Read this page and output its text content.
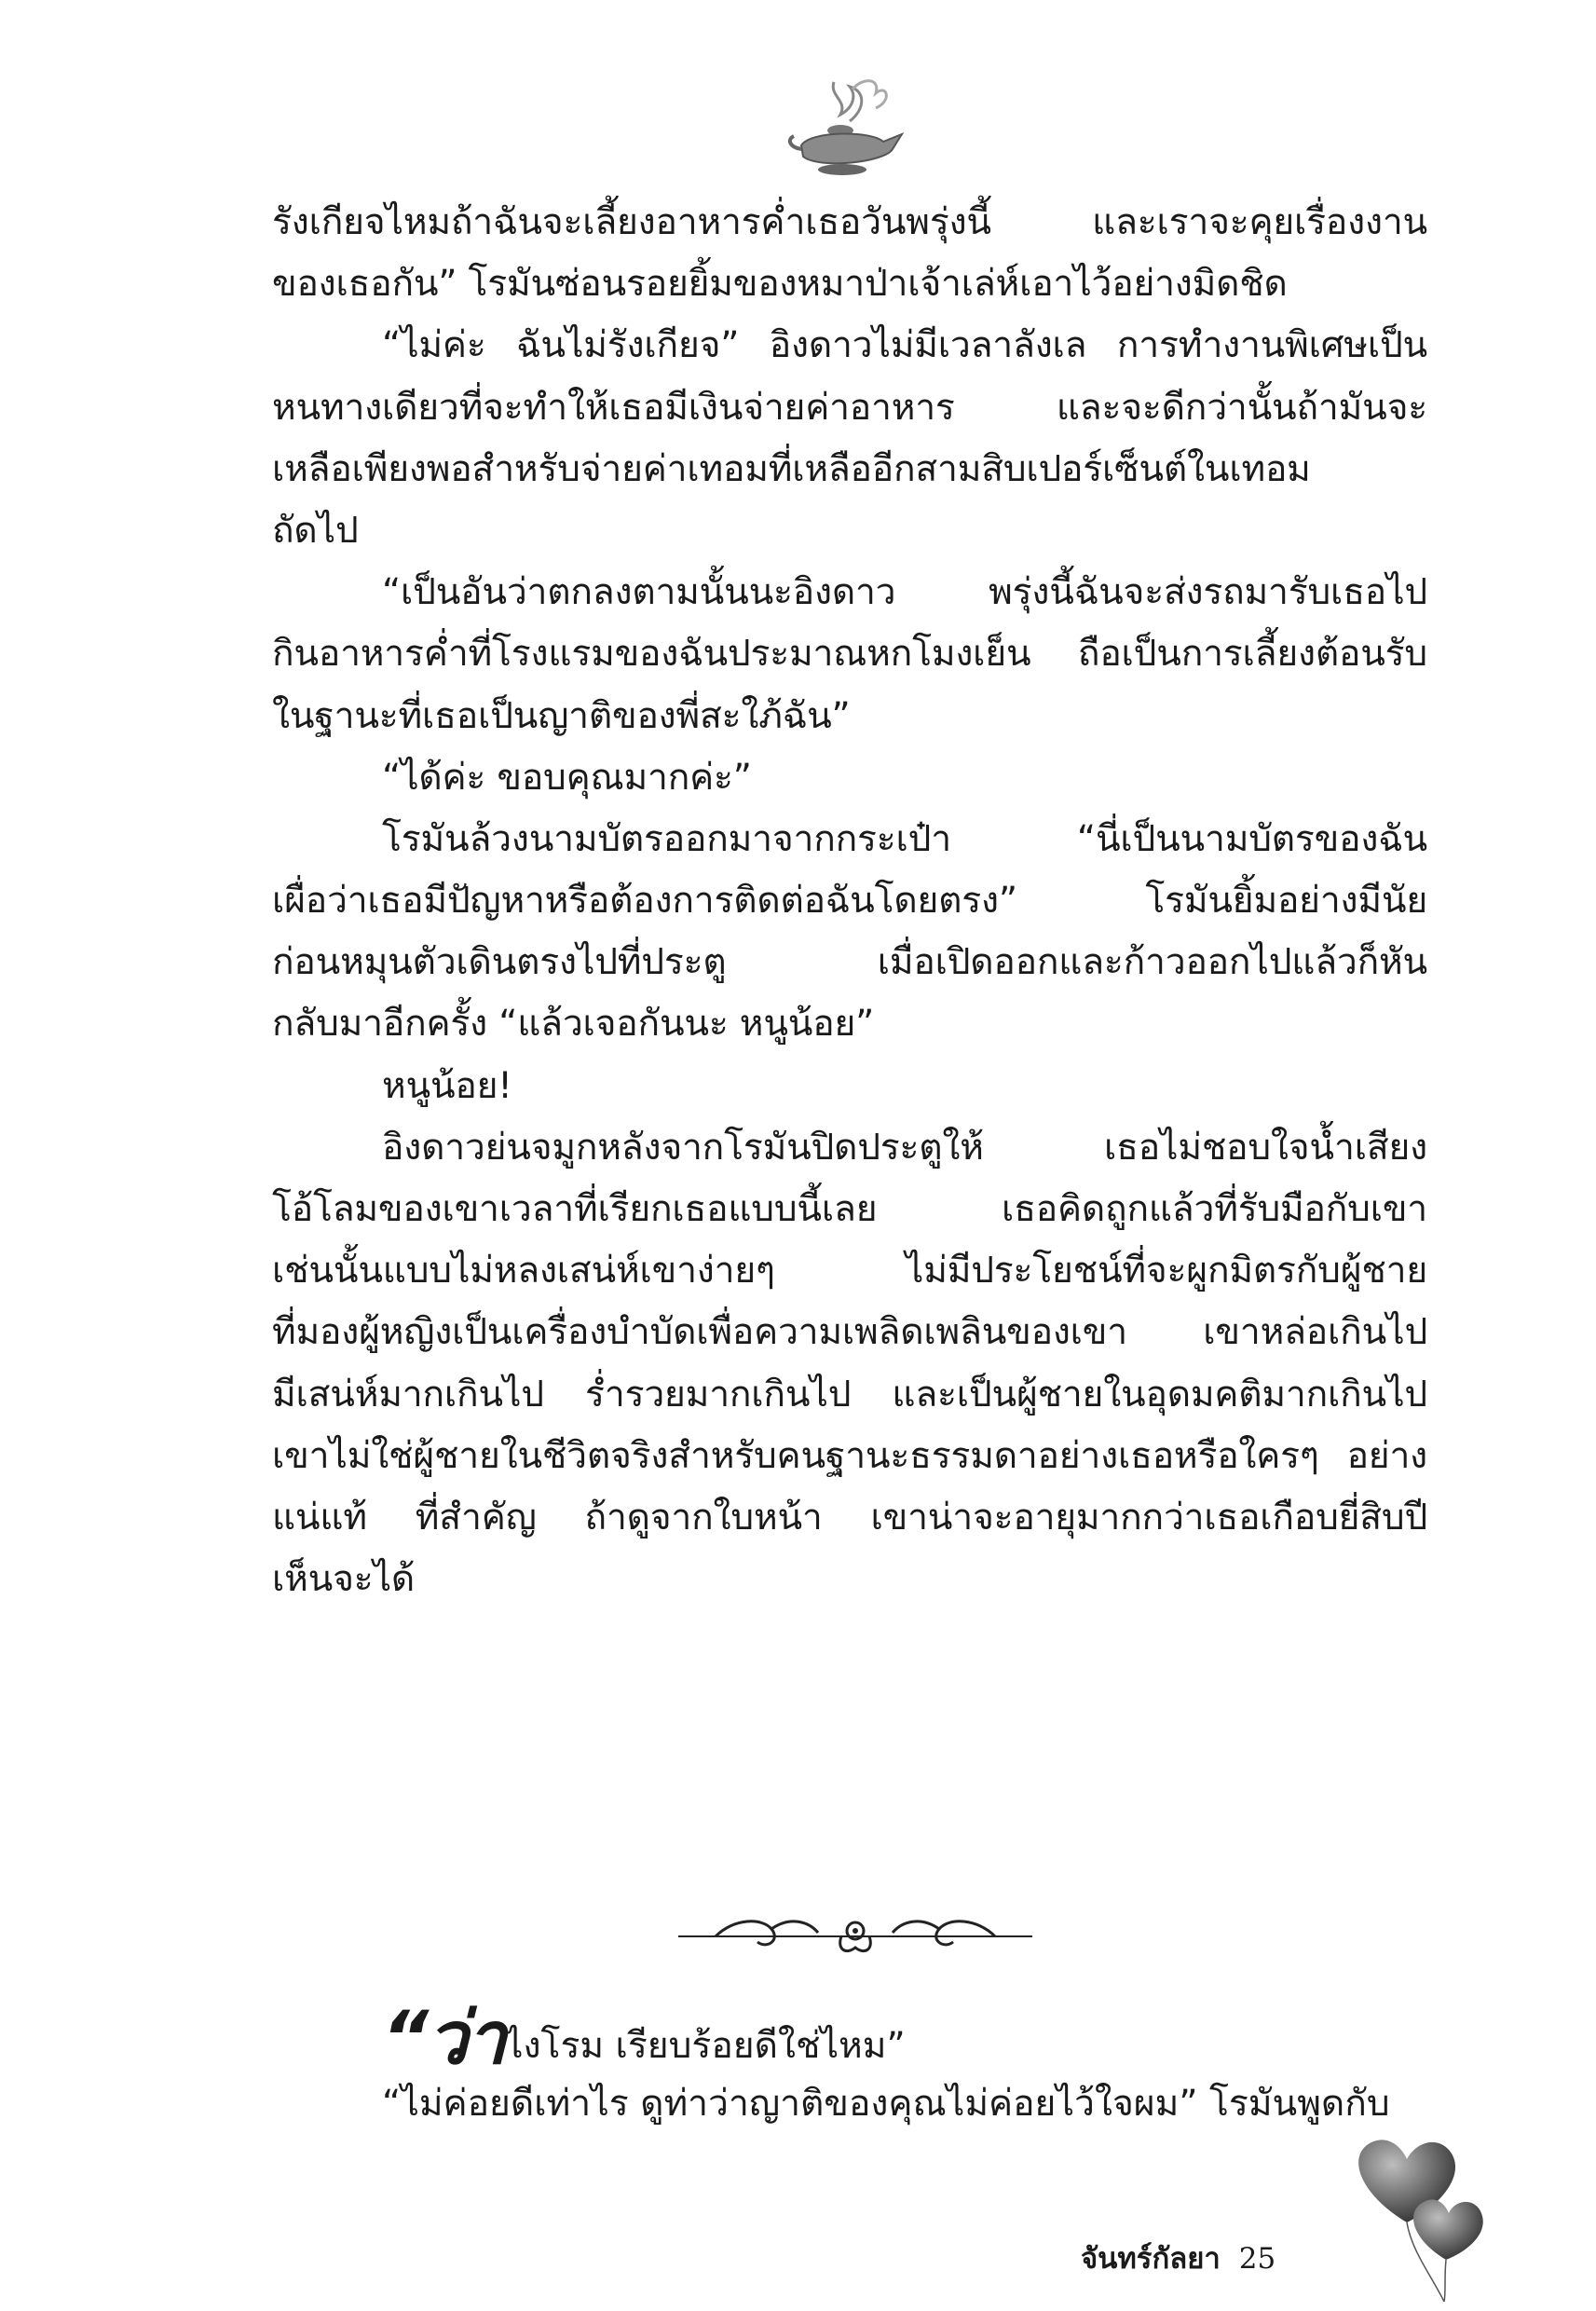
รังเกียจไหมถ้าฉันจะเลี้ยงอาหารค่ำเธอวันพรุ่งนี้ และเราจะคุยเรื่องงาน
ของเธอกัน” โรมันซ่อนรอยยิ้มของหมาป่าเจ้าเล่ห์เอาไว้อย่างมิดชิด
“ไม่ค่ะ ฉันไม่รังเกียจ” อิงดาวไม่มีเวลาลังเล การทำงานพิเศษเป็น
หนทางเดียวที่จะทำให้เธอมีเงินจ่ายค่าอาหาร และจะดีกว่านั้นถ้ามันจะ
เหลือเพียงพอสำหรับจ่ายค่าเทอมที่เหลืออีกสามสิบเปอร์เซ็นต์ในเทอม
ถัดไป
“เป็นอันว่าตกลงตามนั้นนะอิงดาว พรุ่งนี้ฉันจะส่งรถมารับเธอไป
กินอาหารค่ำที่โรงแรมของฉันประมาณหกโมงเย็น ถือเป็นการเลี้ยงต้อนรับ
ในฐานะที่เธอเป็นญาติของพี่สะใภ้ฉัน”
“ได้ค่ะ ขอบคุณมากค่ะ”
โรมันล้วงนามบัตรออกมาจากกระเป๋า “นี่เป็นนามบัตรของฉัน
เผื่อว่าเธอมีปัญหาหรือต้องการติดต่อฉันโดยตรง” โรมันยิ้มอย่างมีนัย
ก่อนหมุนตัวเดินตรงไปที่ประตู เมื่อเปิดออกและก้าวออกไปแล้วก็หัน
กลับมาอีกครั้ง “แล้วเจอกันนะ หนูน้อย”
หนูน้อย!
อิงดาวย่นจมูกหลังจากโรมันปิดประตูให้ เธอไม่ชอบใจน้ำเสียง
โอ้โลมของเขาเวลาที่เรียกเธอแบบนี้เลย เธอคิดถูกแล้วที่รับมือกับเขา
เช่นนั้นแบบไม่หลงเสน่ห์เขาง่ายๆ ไม่มีประโยชน์ที่จะผูกมิตรกับผู้ชาย
ที่มองผู้หญิงเป็นเครื่องบำบัดเพื่อความเพลิดเพลินของเขา เขาหล่อเกินไป
มีเสน่ห์มากเกินไป ร่ำรวยมากเกินไป และเป็นผู้ชายในอุดมคติมากเกินไป
เขาไม่ใช่ผู้ชายในชีวิตจริงสำหรับคนฐานะธรรมดาอย่างเธอหรือใครๆ อย่าง
แน่แท้ ที่สำคัญ ถ้าดูจากใบหน้า เขาน่าจะอายุมากกว่าเธอเกือบยี่สิบปี
เห็นจะได้
“ว่าไงโรม เรียบร้อยดีใช่ไหม”
“ไม่ค่อยดีเท่าไร ดูท่าว่าญาติของคุณไม่ค่อยไว้ใจผม” โรมันพูดกับ
จันทร์กัลยา 25
